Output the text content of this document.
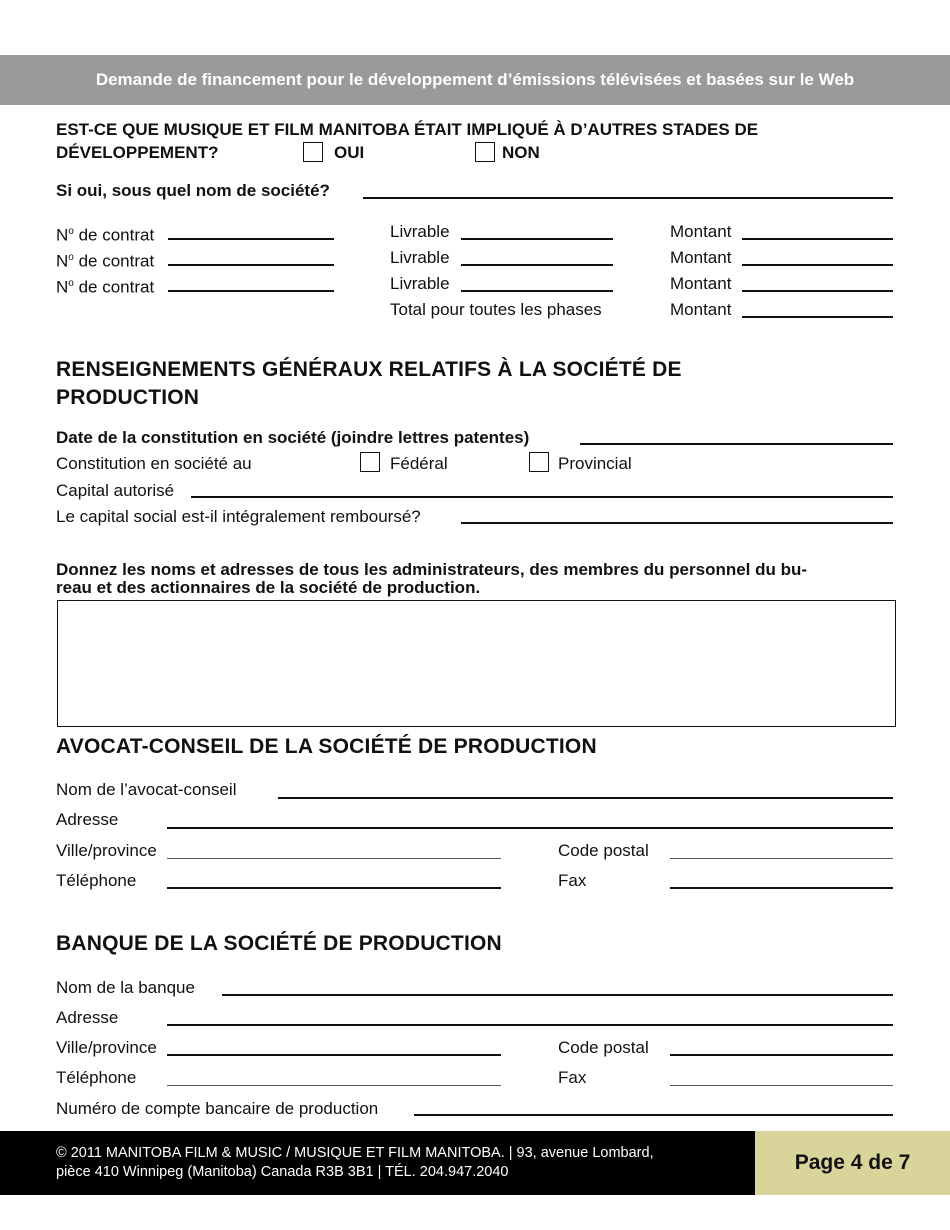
Demande de financement pour le développement d’émissions télévisées et basées sur le Web
EST-CE QUE MUSIQUE ET FILM MANITOBA ÉTAIT IMPLIQUÉ À D’AUTRES STADES DE
DÉVELOPPEMENT?	OUI	NON
Si oui, sous quel nom de société?
$N^o$ de contrat	Livrable	Montant
$N^o$ de contrat	Livrable	Montant
$N^o$ de contrat	Livrable	Montant
Total pour toutes les phases	Montant
RENSEIGNEMENTS GÉNÉRAUX RELATIFS À LA SOCIÉTÉ DE
PRODUCTION
Date de la constitution en société (joindre lettres patentes)
Constitution en société au	Fédéral	Provincial
Capital autorisé
Le capital social est-il intégralement remboursé?
Donnez les noms et adresses de tous les administrateurs, des membres du personnel du bu-
reau et des actionnaires de la société de production.
AVOCAT-CONSEIL DE LA SOCIÉTÉ DE PRODUCTION
Nom de l’avocat-conseil
Adresse
Ville/province	Code postal
Téléphone	Fax
BANQUE DE LA SOCIÉTÉ DE PRODUCTION
Nom de la banque
Adresse
Ville/province	Code postal
Téléphone	Fax
Numéro de compte bancaire de production
© 2011 MANITOBA FILM & MUSIC / MUSIQUE ET FILM MANITOBA. | 93, avenue Lombard,
pièce 410 Winnipeg (Manitoba) Canada R3B 3B1 | TÉL. 204.947.2040	Page 4 de 7
